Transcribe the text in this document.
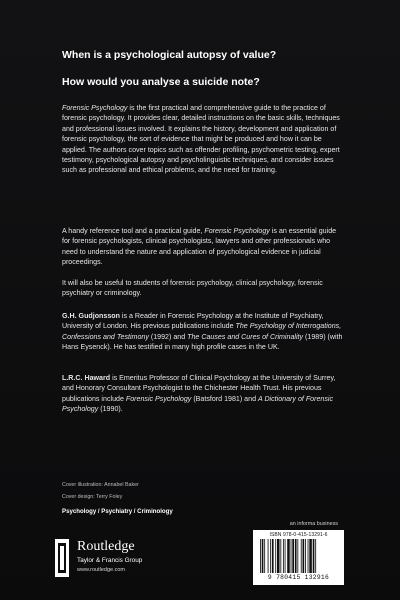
When is a psychological autopsy of value?
How would you analyse a suicide note?

Forensic Psychology is the first practical and comprehensive guide to the practice of forensic psychology. It provides clear, detailed instructions on the basic skills, techniques and professional issues involved. It explains the history, development and application of forensic psychology, the sort of evidence that might be produced and how it can be applied. The authors cover topics such as offender profiling, psychometric testing, expert testimony, psychological autopsy and psycholinguistic techniques, and consider issues such as professional and ethical problems, and the need for training.

A handy reference tool and a practical guide, Forensic Psychology is an essential guide for forensic psychologists, clinical psychologists, lawyers and other professionals who need to understand the nature and application of psychological evidence in judicial proceedings.

It will also be useful to students of forensic psychology, clinical psychology, forensic psychiatry or criminology.

G.H. Gudjonsson is a Reader in Forensic Psychology at the Institute of Psychiatry, University of London. His previous publications include The Psychology of Interrogations, Confessions and Testimony (1992) and The Causes and Cures of Criminality (1989) (with Hans Eysenck). He has testified in many high profile cases in the UK.

L.R.C. Haward is Emeritus Professor of Clinical Psychology at the University of Surrey, and Honorary Consultant Psychologist to the Chichester Health Trust. His previous publications include Forensic Psychology (Batsford 1981) and A Dictionary of Forensic Psychology (1990).

Cover illustration: Annabel Baker
Cover design: Terry Foley
Psychology / Psychiatry / Criminology
an informa business
Routledge
Taylor & Francis Group
www.routledge.com
ISBN 978-0-415-13291-6
9 780415 132916
